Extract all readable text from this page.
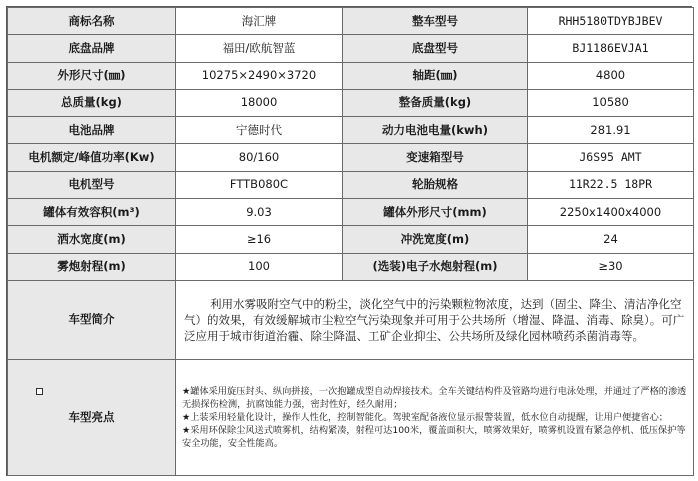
商标名称	海汇牌	整车型号	RHH5180TDYBJBEV
底盘品牌	福田/欧航智蓝	底盘型号	BJ1186EVJA1
外形尺寸(㎜)	10275×2490×3720	轴距(㎜)	4800
总质量(kg)	18000	整备质量(kg)	10580
电池品牌	宁德时代	动力电池电量(kwh)	281.91
电机额定/峰值功率(Kw)	80/160	变速箱型号	J6S95 AMT
电机型号	FTTB080C	轮胎规格	11R22.5 18PR
罐体有效容积(m³)	9.03	罐体外形尺寸(mm)	2250x1400x4000
洒水宽度(m)	≥16	冲洗宽度(m)	24
雾炮射程(m)	100	(选装)电子水炮射程(m)	≥30
车型简介	利用水雾吸附空气中的粉尘，淡化空气中的污染颗粒物浓度，达到（固尘、降尘、清洁净化空气）的效果，有效缓解城市尘粒空气污染现象并可用于公共场所（增湿、降温、消毒、除臭）。可广泛应用于城市街道治霾、除尘降温、工矿企业抑尘、公共场所及绿化园林喷药杀菌消毒等。		
车型亮点	★罐体采用旋压封头、纵向拼接，一次抱罐成型自动焊接技术。全车关键结构件及管路均进行电泳处理，并通过了严格的渗透无损探伤检测，抗腐蚀能力强，密封性好，经久耐用；
★上装采用轻量化设计，操作人性化，控制智能化。驾驶室配备液位显示报警装置，低水位自动提醒，让用户便捷省心；
★采用环保除尘风送式喷雾机，结构紧凑，射程可达100米，覆盖面积大，喷雾效果好，喷雾机设置有紧急停机、低压保护等安全功能，安全性能高。		
